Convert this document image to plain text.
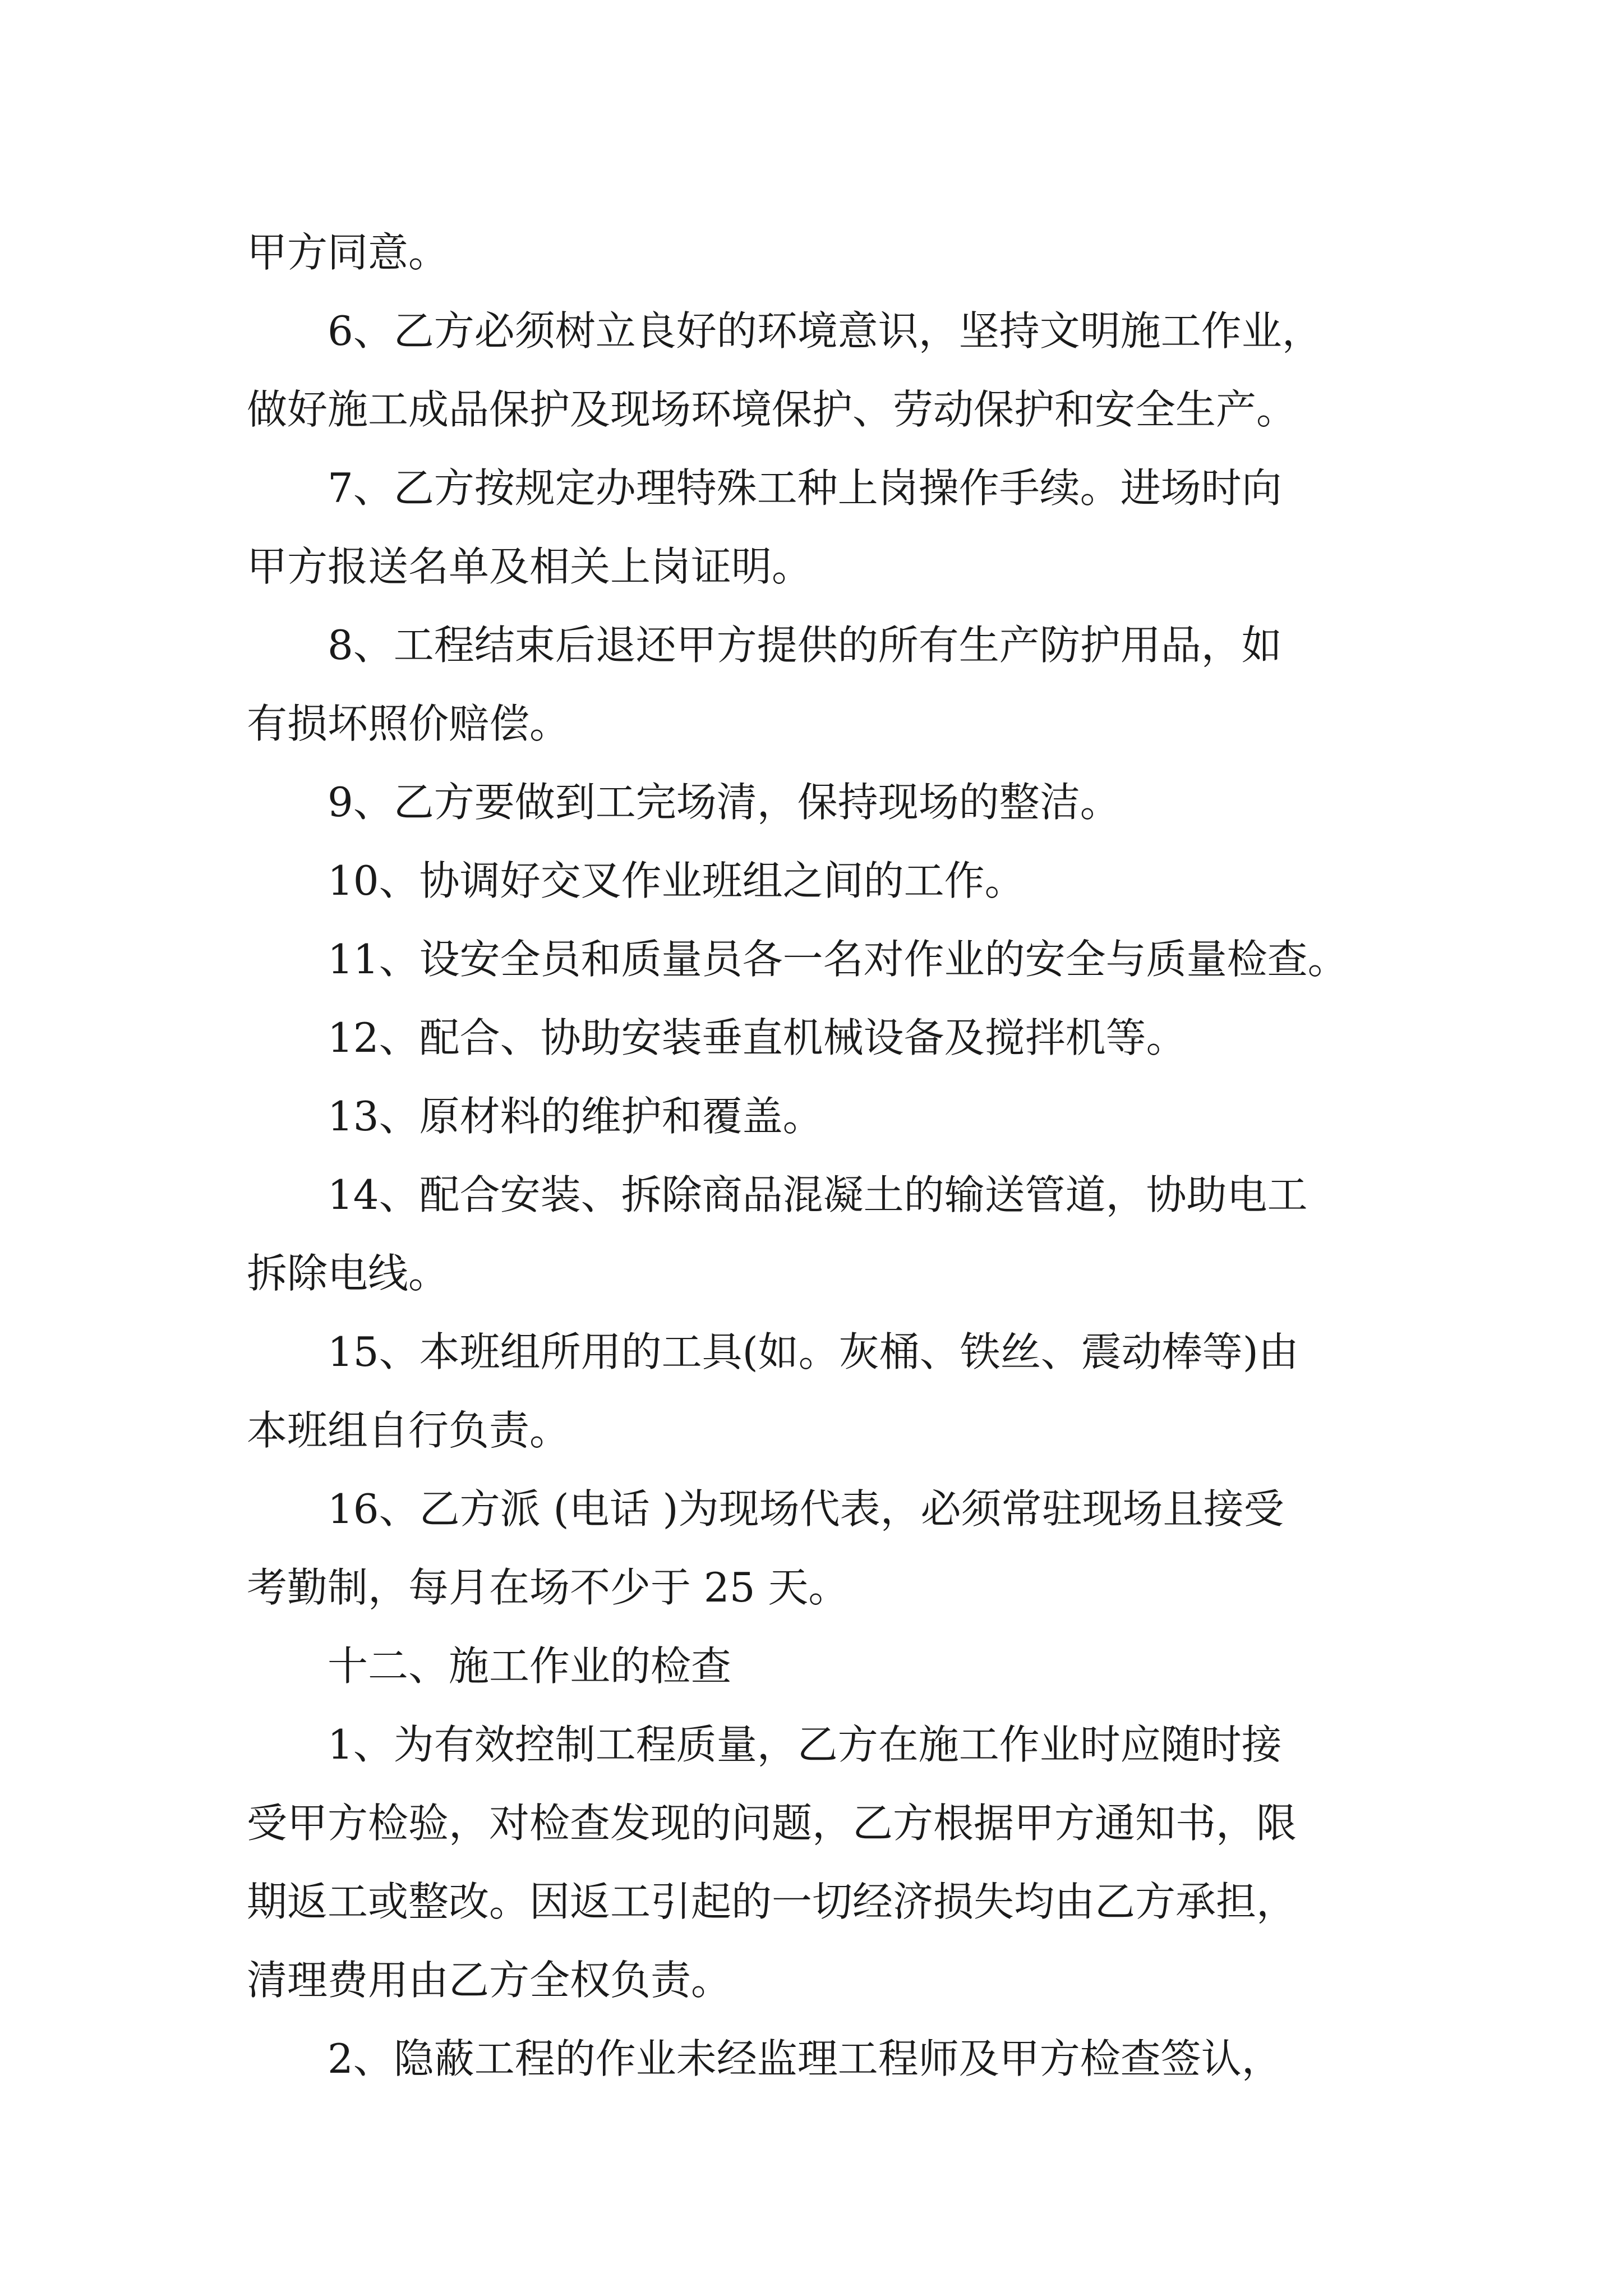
甲方同意。
6、乙方必须树立良好的环境意识，坚持文明施工作业，
做好施工成品保护及现场环境保护、劳动保护和安全生产。
7、乙方按规定办理特殊工种上岗操作手续。进场时向
甲方报送名单及相关上岗证明。
8、工程结束后退还甲方提供的所有生产防护用品，如
有损坏照价赔偿。
9、乙方要做到工完场清，保持现场的整洁。
10、协调好交叉作业班组之间的工作。
11、设安全员和质量员各一名对作业的安全与质量检查。
12、配合、协助安装垂直机械设备及搅拌机等。
13、原材料的维护和覆盖。
14、配合安装、拆除商品混凝土的输送管道，协助电工
拆除电线。
15、本班组所用的工具(如。灰桶、铁丝、震动棒等)由
本班组自行负责。
16、乙方派 (电话 )为现场代表，必须常驻现场且接受
考勤制，每月在场不少于 25 天。
十二、施工作业的检查
1、为有效控制工程质量，乙方在施工作业时应随时接
受甲方检验，对检查发现的问题，乙方根据甲方通知书，限
期返工或整改。因返工引起的一切经济损失均由乙方承担，
清理费用由乙方全权负责。
2、隐蔽工程的作业未经监理工程师及甲方检查签认，
